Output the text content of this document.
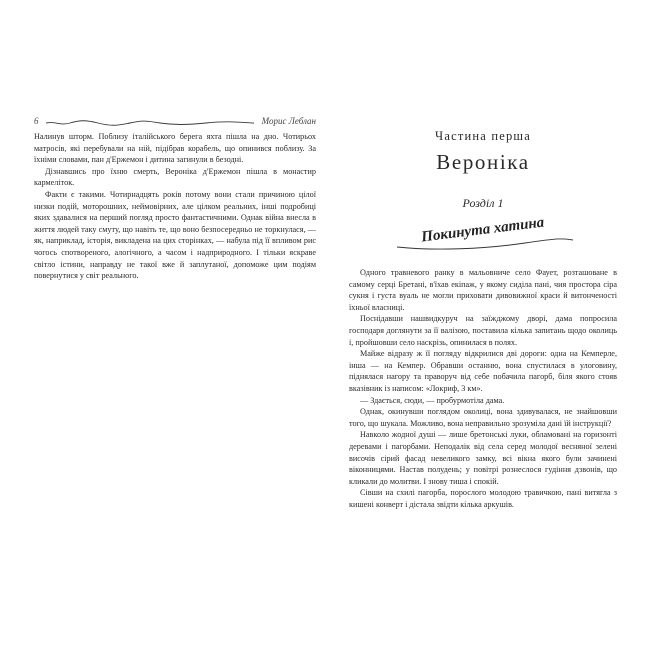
6	Морис Леблан

Налинув шторм. Поблизу італійського берега яхта пішла на дно. Чотирьох матросів, які перебували на ній, підібрав корабель, що опинився поблизу. За їхніми словами, пан д'Ержемон і дитина загинули в безодні.

Дізнавшись про їхню смерть, Вероніка д'Ержемон пішла в монастир кармеліток.

Факти є такими. Чотирнадцять років потому вони стали причиною цілої низки подій, моторошних, неймовірних, але цілком реальних, інші подробиці яких здавалися на перший погляд просто фантастичними. Однак війна внесла в життя людей таку смуту, що навіть те, що воно безпосередньо не торкнулася, — як, наприклад, історія, викладена на цих сторінках, — набула під її впливом рис чогось спотвореного, алогічного, а часом і надприродного. І тільки яскраве світло істини, направду не такої вже й заплутаної, допоможе цим подіям повернутися у світ реального.

Частина перша
Вероніка
Розділ 1
Покинута хатина

Одного травневого ранку в мальовниче село Фаует, розташоване в самому серці Бретані, в'їхав екіпаж, у якому сиділа пані, чия простора сіра сукня і густа вуаль не могли приховати дивовижної краси й витонченості їхньої власниці.

Поснідавши нашвидкуруч на заїжджому дворі, дама попросила господаря доглянути за її валізою, поставила кілька запитань щодо околиць і, пройшовши село наскрізь, опинилася в полях.

Майже відразу ж її погляду відкрилися дві дороги: одна на Кемперле, інша — на Кемпер. Обравши останню, вона спустилася в улоговину, піднялася нагору та праворуч від себе побачила пагорб, біля якого стояв вказівник із написом: «Локриф, 3 км».

— Здається, сюди, — пробурмотіла дама.

Однак, окинувши поглядом околиці, вона здивувалася, не знайшовши того, що шукала. Можливо, вона неправильно зрозуміла дані їй інструкції?

Навколо жодної душі — лише бретонські луки, обламовані на горизонті деревами і пагорбами. Неподалік від села серед молодої весняної зелені височів сірий фасад невеликого замку, всі вікна якого були зачинені віконницями. Настав полудень; у повітрі рознеслося гудіння дзвонів, що кликали до молитви. І знову тиша і спокій.

Сівши на схилі пагорба, порослого молодою травичкою, пані витягла з кишені конверт і дістала звідти кілька аркушів.
